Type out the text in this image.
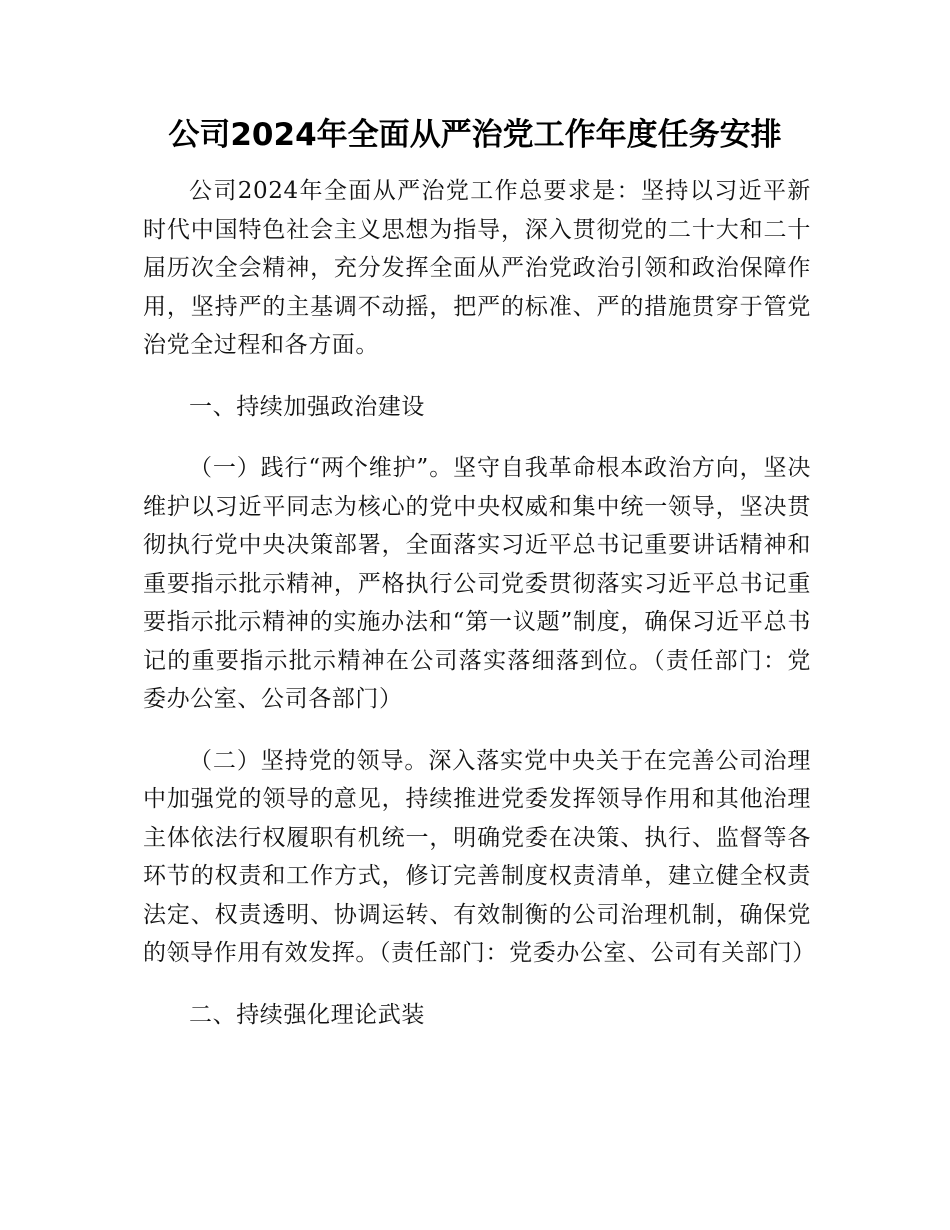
公司2024年全面从严治党工作年度任务安排

公司2024年全面从严治党工作总要求是：坚持以习近平新时代中国特色社会主义思想为指导，深入贯彻党的二十大和二十届历次全会精神，充分发挥全面从严治党政治引领和政治保障作用，坚持严的主基调不动摇，把严的标准、严的措施贯穿于管党治党全过程和各方面。

一、持续加强政治建设

（一）践行“两个维护”。坚守自我革命根本政治方向，坚决维护以习近平同志为核心的党中央权威和集中统一领导，坚决贯彻执行党中央决策部署，全面落实习近平总书记重要讲话精神和重要指示批示精神，严格执行公司党委贯彻落实习近平总书记重要指示批示精神的实施办法和“第一议题”制度，确保习近平总书记的重要指示批示精神在公司落实落细落到位。（责任部门：党委办公室、公司各部门）

（二）坚持党的领导。深入落实党中央关于在完善公司治理中加强党的领导的意见，持续推进党委发挥领导作用和其他治理主体依法行权履职有机统一，明确党委在决策、执行、监督等各环节的权责和工作方式，修订完善制度权责清单，建立健全权责法定、权责透明、协调运转、有效制衡的公司治理机制，确保党的领导作用有效发挥。（责任部门：党委办公室、公司有关部门）

二、持续强化理论武装
